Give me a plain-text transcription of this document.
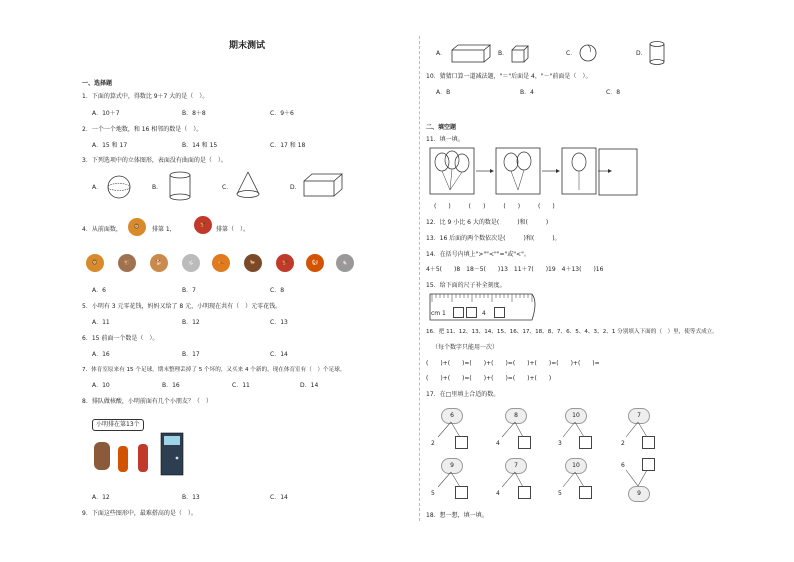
期末测试
一、选择题
1．下面的算式中，得数比 9＋7 大的是（　）。
A．10＋7	B．8＋8	C．9＋6
2．一个一个地数，和 16 相邻的数是（　）。
A．15 和 17	B．14 和 15	C．17 和 18
3．下列选项中的立体图形，表面没有曲面的是（　）。
A．	B．	C．	D．
4．从前面数，	🦁	排第 1，
🐓
排第（　）。
🦁	🐒	🐕	🐇	🐅	🐎	🐓	🐿	🐁
A．6	B．7	C．8
5．小明有 3 元零花钱，妈妈又给了 8 元，小明现在共有（　）元零花钱。
A．11	B．12	C．13
6．15 前面一个数是（　）。
A．16	B．17	C．14
7．体育室原来有 15 个足球，期末整理丢掉了 5 个坏的，又买来 4 个新的，现在体育室有（　）个足球。
A．10	B．16	C．11	D．14
8．排队做核酸，小明前面有几个小朋友？（　）
小明排在第13个
A．12	B．13	C．14
9．下面这些图形中，最难搭高的是（　）。
A．	B．	C．	D．
10．猜猜口算一道减法题，"＝"后面是 4，"－"前面是（　）。
A．B	B．4	C．8
二、填空题
11．填一填。
(　　)　　　(　　)　　　(　　)　　　(　　)
12．比 9 小比 6 大的数是(　　　)和(　　　)
13．16 后面的两个数依次是(　　　)和(　　　)。
14．在括号内填上">""<""="或"<"。
4＋5(　　)8　18－5(　　)13　11＋7(　　)19　4＋13(　　)16
15．给下面的尺子补全刻度。
cm 1	4
16．把 11、12、13、14、15、16、17、18、8、7、6、5、4、3、2、1 分别填入下面的（　）里，使等式成立。
（每个数字只能用一次）
(　　)+(　　)=(　　)+(　　)=(　　)+(　　)=(　　)+(　　)=
(　　)+(　　)=(　　)+(　　)=(　　)+(　　)
17．在□里填上合适的数。
6
2
8
4
10
3
7
2
9
5
7
4
10
5
6
9
18．想一想，填一填。
